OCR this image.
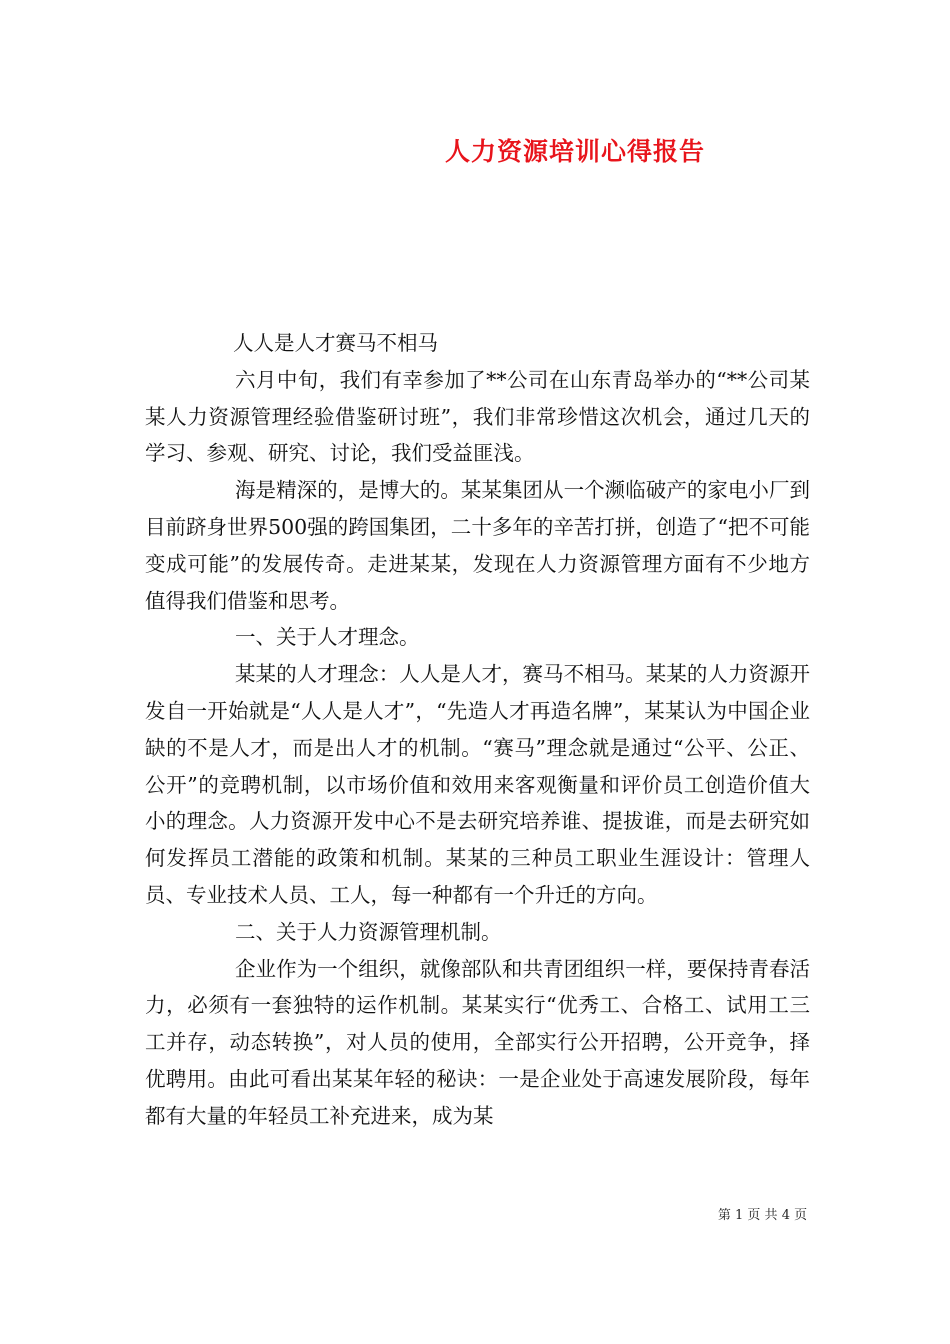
人力资源培训心得报告

人人是人才赛马不相马

六月中旬，我们有幸参加了**公司在山东青岛举办的“**公司某某人力资源管理经验借鉴研讨班”，我们非常珍惜这次机会，通过几天的学习、参观、研究、讨论，我们受益匪浅。

海是精深的，是博大的。某某集团从一个濒临破产的家电小厂到目前跻身世界500强的跨国集团，二十多年的辛苦打拼，创造了“把不可能变成可能”的发展传奇。走进某某，发现在人力资源管理方面有不少地方值得我们借鉴和思考。

一、关于人才理念。

某某的人才理念：人人是人才，赛马不相马。某某的人力资源开发自一开始就是“人人是人才”，“先造人才再造名牌”，某某认为中国企业缺的不是人才，而是出人才的机制。“赛马”理念就是通过“公平、公正、公开”的竞聘机制，以市场价值和效用来客观衡量和评价员工创造价值大小的理念。人力资源开发中心不是去研究培养谁、提拔谁，而是去研究如何发挥员工潜能的政策和机制。某某的三种员工职业生涯设计：管理人员、专业技术人员、工人，每一种都有一个升迁的方向。

二、关于人力资源管理机制。

企业作为一个组织，就像部队和共青团组织一样，要保持青春活力，必须有一套独特的运作机制。某某实行“优秀工、合格工、试用工三工并存，动态转换”，对人员的使用，全部实行公开招聘，公开竞争，择优聘用。由此可看出某某年轻的秘诀：一是企业处于高速发展阶段，每年都有大量的年轻员工补充进来，成为某

第 1 页 共 4 页
